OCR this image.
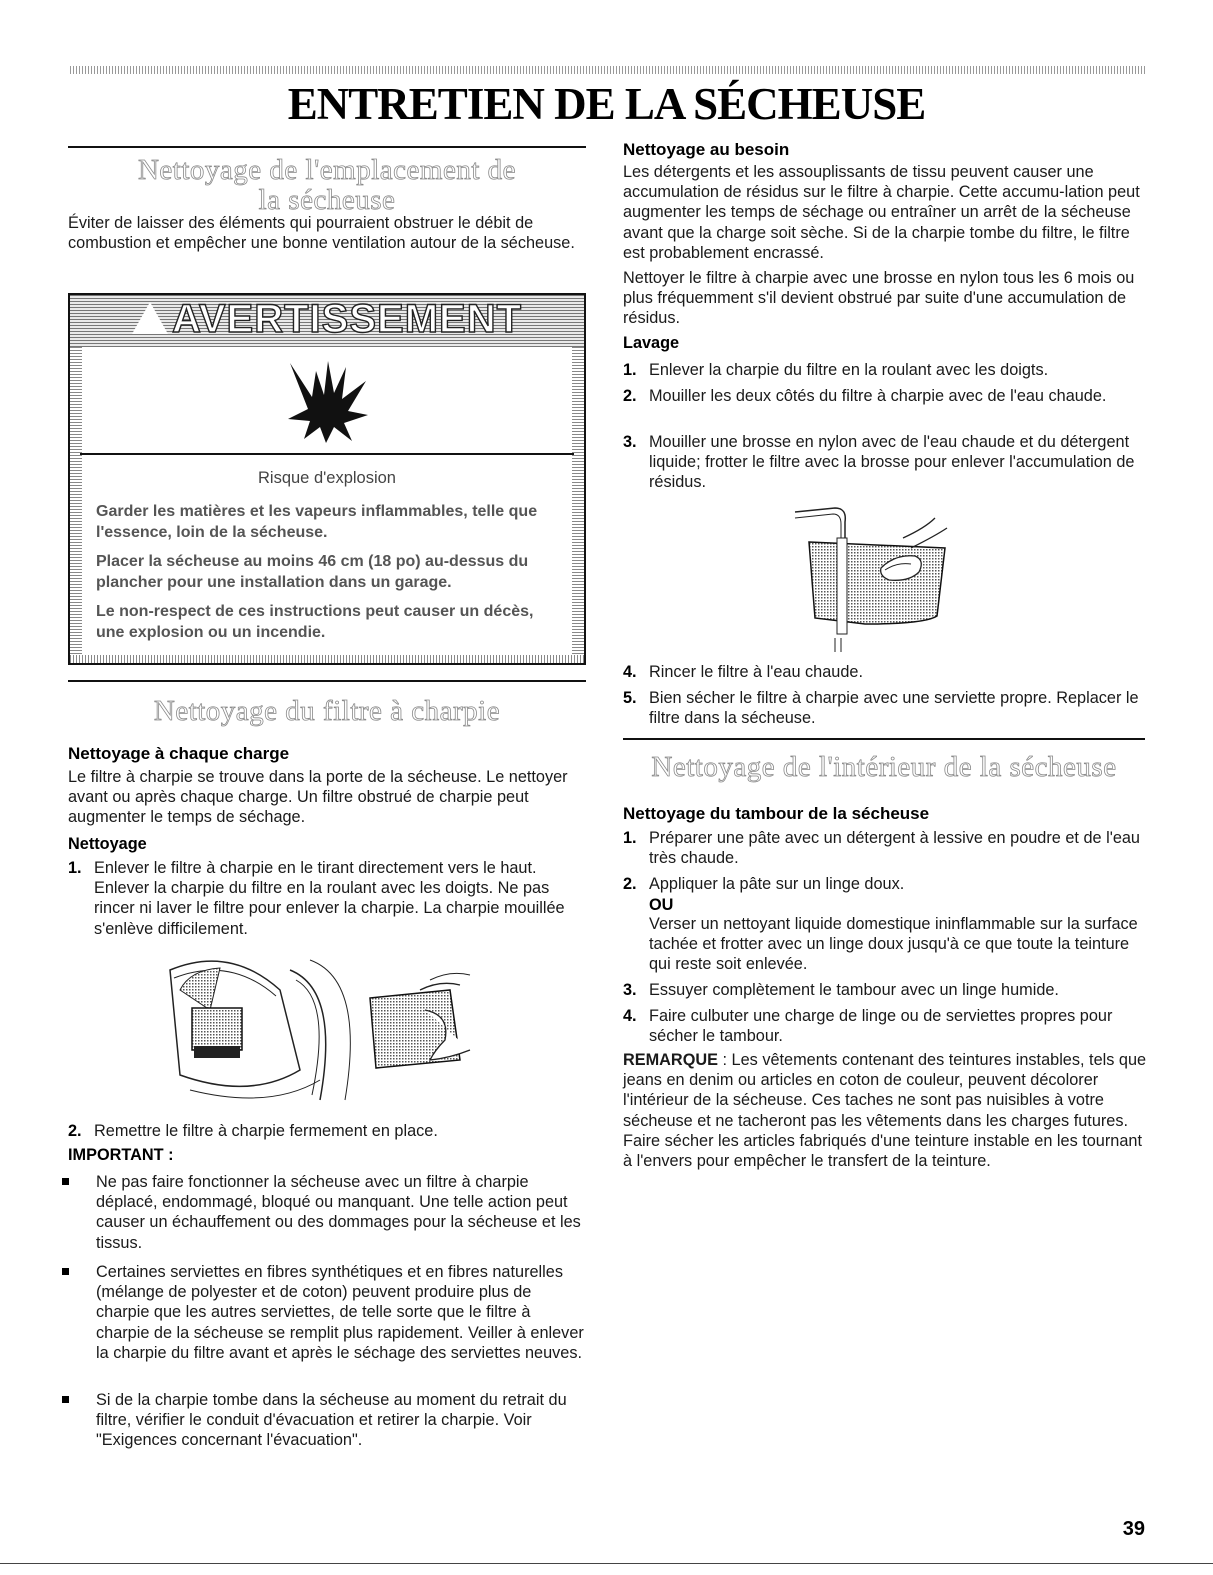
ENTRETIEN DE LA SÉCHEUSE
Nettoyage de l'emplacement de
la sécheuse

Éviter de laisser des éléments qui pourraient obstruer le débit de combustion et empêcher une bonne ventilation autour de la sécheuse.

AVERTISSEMENT
Risque d'explosion

Garder les matières et les vapeurs inflammables, telle que l'essence, loin de la sécheuse.

Placer la sécheuse au moins 46 cm (18 po) au-dessus du plancher pour une installation dans un garage.

Le non-respect de ces instructions peut causer un décès, une explosion ou un incendie.

Nettoyage du filtre à charpie
Nettoyage à chaque charge

Le filtre à charpie se trouve dans la porte de la sécheuse. Le nettoyer avant ou après chaque charge. Un filtre obstrué de charpie peut augmenter le temps de séchage.

Nettoyage
1. Enlever le filtre à charpie en le tirant directement vers le haut. Enlever la charpie du filtre en la roulant avec les doigts. Ne pas rincer ni laver le filtre pour enlever la charpie. La charpie mouillée s'enlève difficilement.
2. Remettre le filtre à charpie fermement en place.
IMPORTANT :
Ne pas faire fonctionner la sécheuse avec un filtre à charpie déplacé, endommagé, bloqué ou manquant. Une telle action peut causer un échauffement ou des dommages pour la sécheuse et les tissus.
Certaines serviettes en fibres synthétiques et en fibres naturelles (mélange de polyester et de coton) peuvent produire plus de charpie que les autres serviettes, de telle sorte que le filtre à charpie de la sécheuse se remplit plus rapidement. Veiller à enlever la charpie du filtre avant et après le séchage des serviettes neuves.
Si de la charpie tombe dans la sécheuse au moment du retrait du filtre, vérifier le conduit d'évacuation et retirer la charpie. Voir "Exigences concernant l'évacuation".
Nettoyage au besoin

Les détergents et les assouplissants de tissu peuvent causer une accumulation de résidus sur le filtre à charpie. Cette accumu-lation peut augmenter les temps de séchage ou entraîner un arrêt de la sécheuse avant que la charge soit sèche. Si de la charpie tombe du filtre, le filtre est probablement encrassé.

Nettoyer le filtre à charpie avec une brosse en nylon tous les 6 mois ou plus fréquemment s'il devient obstrué par suite d'une accumulation de résidus.

Lavage
1. Enlever la charpie du filtre en la roulant avec les doigts.
2. Mouiller les deux côtés du filtre à charpie avec de l'eau chaude.
3. Mouiller une brosse en nylon avec de l'eau chaude et du détergent liquide; frotter le filtre avec la brosse pour enlever l'accumulation de résidus.
4. Rincer le filtre à l'eau chaude.
5. Bien sécher le filtre à charpie avec une serviette propre. Replacer le filtre dans la sécheuse.
Nettoyage de l'intérieur de la sécheuse
Nettoyage du tambour de la sécheuse
1. Préparer une pâte avec un détergent à lessive en poudre et de l'eau très chaude.
2. Appliquer la pâte sur un linge doux.
OU

Verser un nettoyant liquide domestique ininflammable sur la surface tachée et frotter avec un linge doux jusqu'à ce que toute la teinture qui reste soit enlevée.

3. Essuyer complètement le tambour avec un linge humide.
4. Faire culbuter une charge de linge ou de serviettes propres pour sécher le tambour.

REMARQUE : Les vêtements contenant des teintures instables, tels que jeans en denim ou articles en coton de couleur, peuvent décolorer l'intérieur de la sécheuse. Ces taches ne sont pas nuisibles à votre sécheuse et ne tacheront pas les vêtements dans les charges futures. Faire sécher les articles fabriqués d'une teinture instable en les tournant à l'envers pour empêcher le transfert de la teinture.

39
